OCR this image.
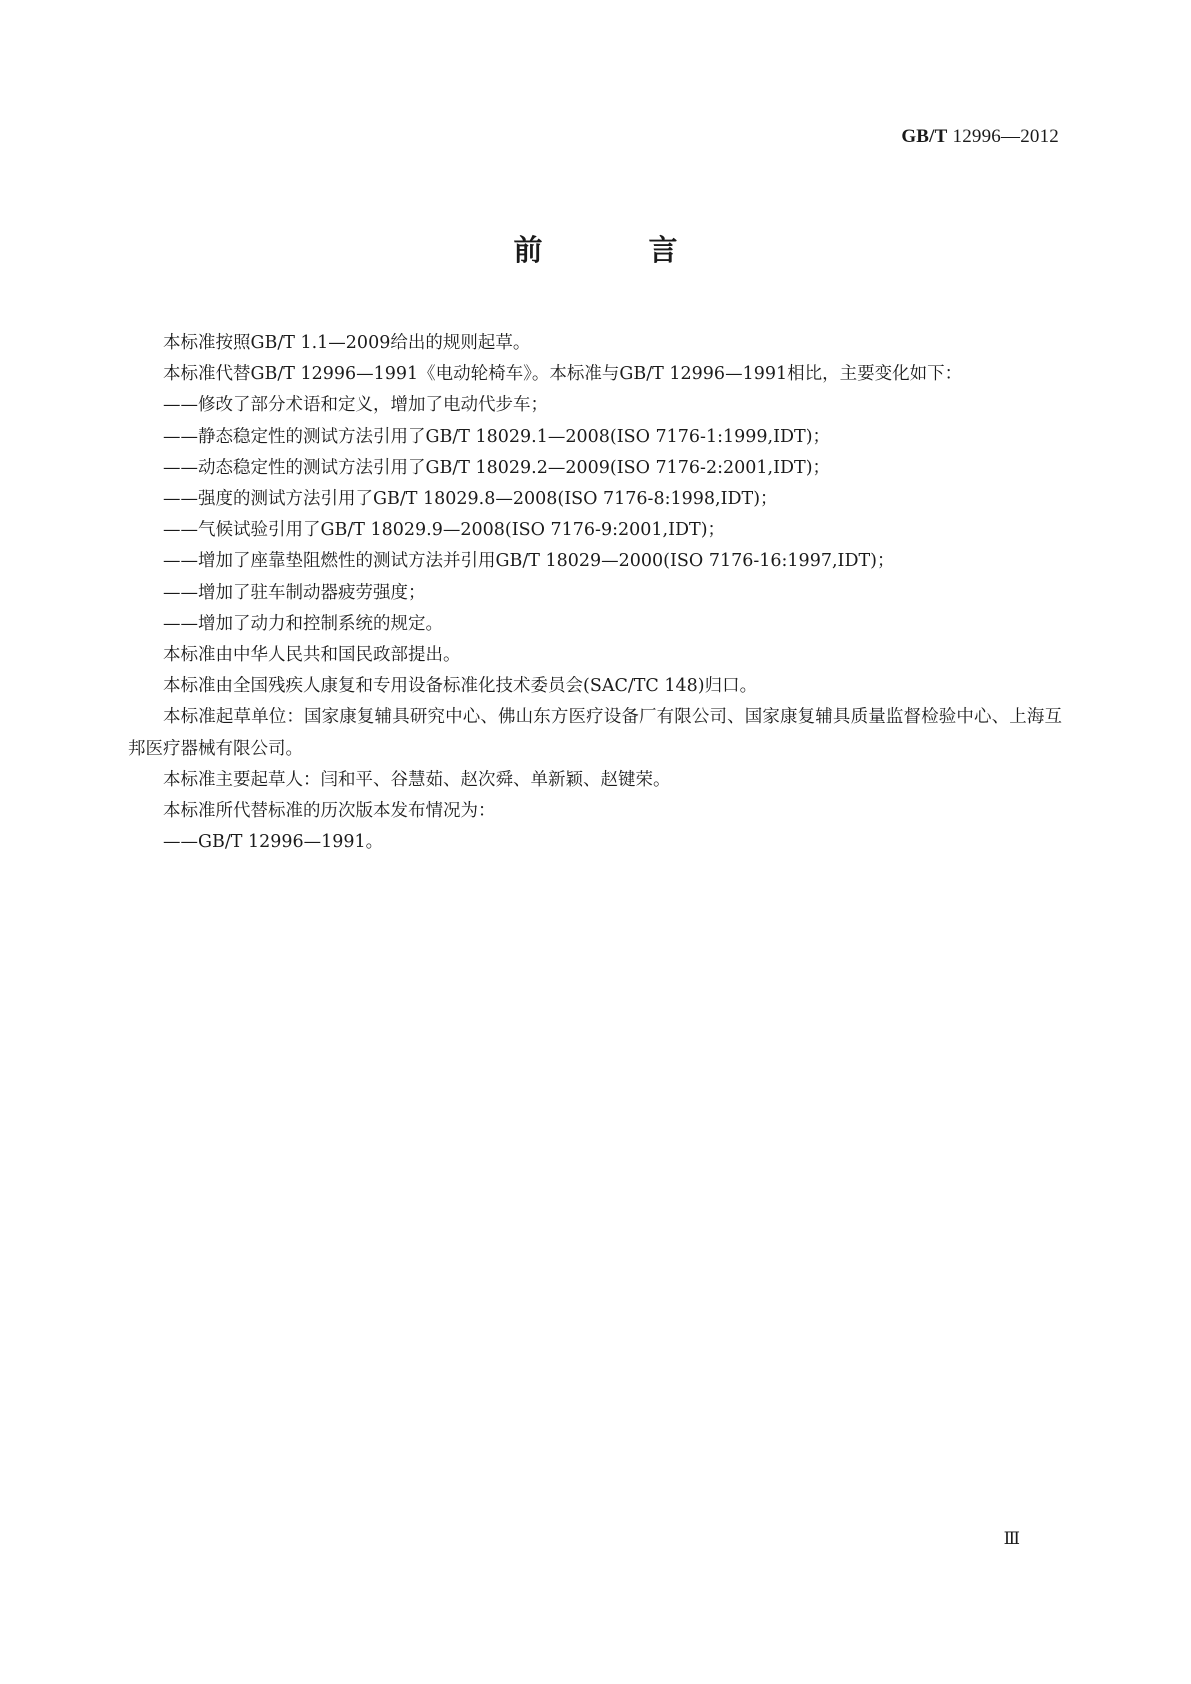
GB/T 12996—2012
前 言

本标准按照GB/T 1.1—2009给出的规则起草。

本标准代替GB/T 12996—1991《电动轮椅车》。本标准与GB/T 12996—1991相比，主要变化如下：

——修改了部分术语和定义，增加了电动代步车；

——静态稳定性的测试方法引用了GB/T 18029.1—2008(ISO 7176-1:1999,IDT)；

——动态稳定性的测试方法引用了GB/T 18029.2—2009(ISO 7176-2:2001,IDT)；

——强度的测试方法引用了GB/T 18029.8—2008(ISO 7176-8:1998,IDT)；

——气候试验引用了GB/T 18029.9—2008(ISO 7176-9:2001,IDT)；

——增加了座靠垫阻燃性的测试方法并引用GB/T 18029—2000(ISO 7176-16:1997,IDT)；

——增加了驻车制动器疲劳强度；

——增加了动力和控制系统的规定。

本标准由中华人民共和国民政部提出。

本标准由全国残疾人康复和专用设备标准化技术委员会(SAC/TC 148)归口。

本标准起草单位：国家康复辅具研究中心、佛山东方医疗设备厂有限公司、国家康复辅具质量监督检验中心、上海互邦医疗器械有限公司。

本标准主要起草人：闫和平、谷慧茹、赵次舜、单新颖、赵键荣。

本标准所代替标准的历次版本发布情况为：

——GB/T 12996—1991。

Ⅲ
